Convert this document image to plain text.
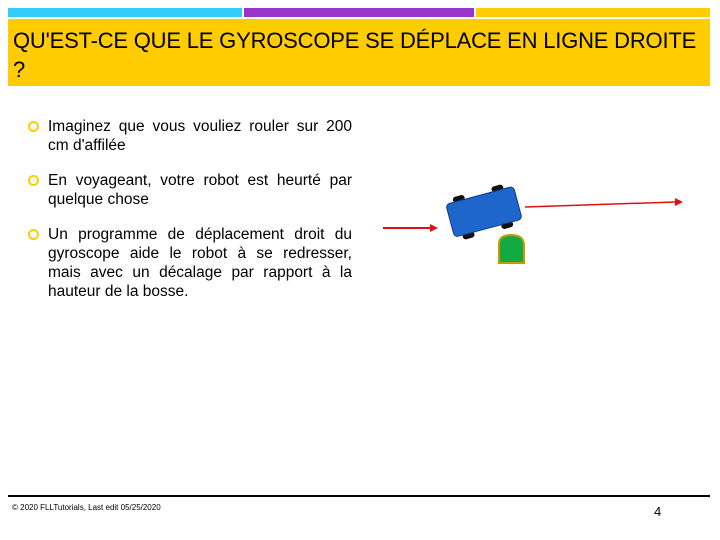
QU'EST-CE QUE LE GYROSCOPE SE DÉPLACE EN LIGNE DROITE ?

Imaginez que vous vouliez rouler sur 200 cm d'affilée
En voyageant, votre robot est heurté par quelque chose
Un programme de déplacement droit du gyroscope aide le robot à se redresser, mais avec un décalage par rapport à la hauteur de la bosse.
© 2020 FLLTutorials, Last edit 05/25/2020	4
